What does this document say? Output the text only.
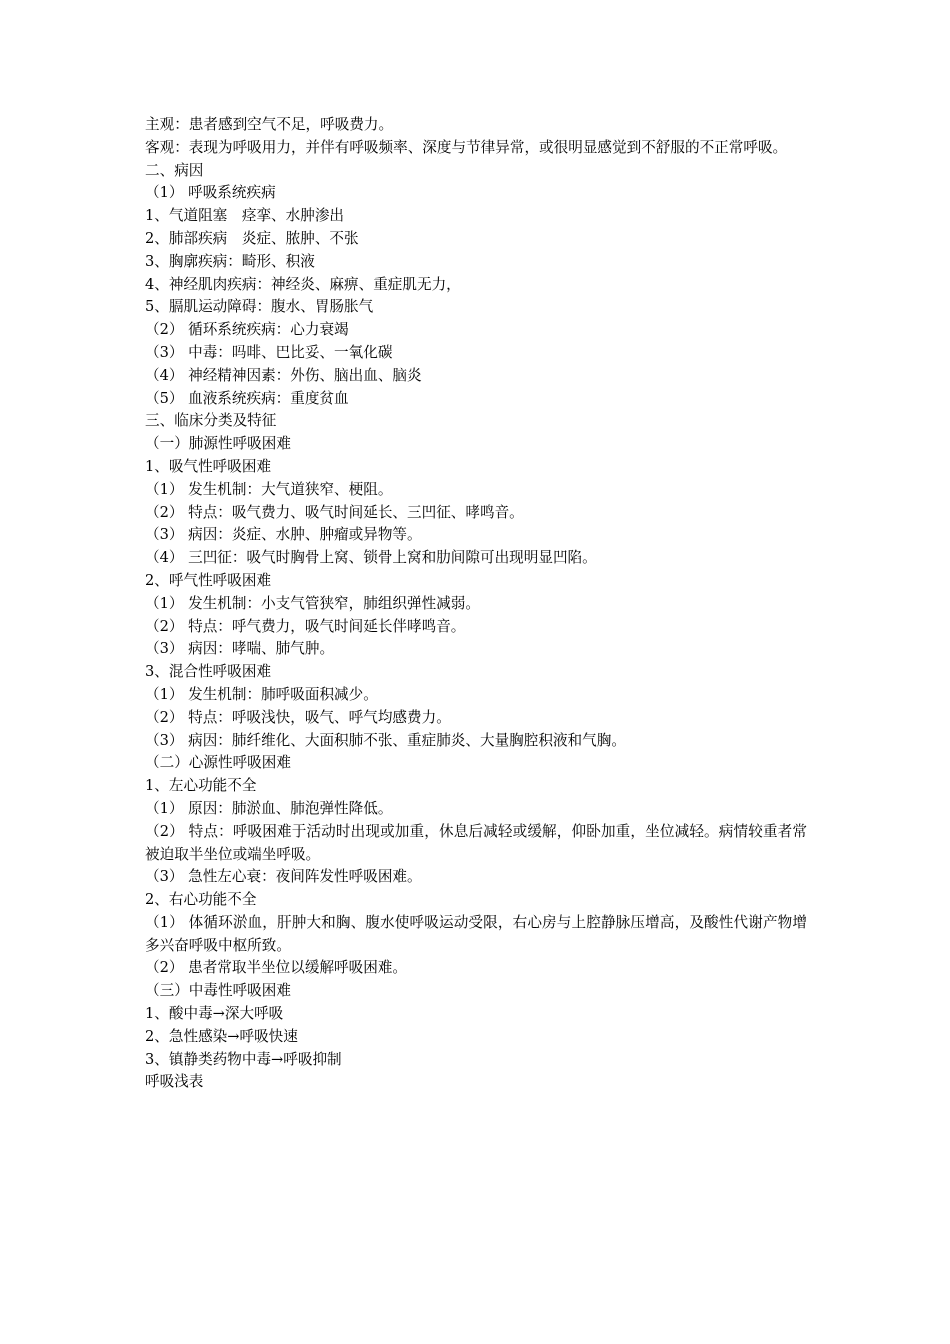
主观：患者感到空气不足，呼吸费力。
客观：表现为呼吸用力，并伴有呼吸频率、深度与节律异常，或很明显感觉到不舒服的不正常呼吸。
二、病因
（1） 呼吸系统疾病
1、气道阻塞　痉挛、水肿渗出
2、肺部疾病　炎症、脓肿、不张
3、胸廓疾病：畸形、积液
4、神经肌肉疾病：神经炎、麻痹、重症肌无力，
5、膈肌运动障碍：腹水、胃肠胀气
（2） 循环系统疾病：心力衰竭
（3） 中毒：吗啡、巴比妥、一氧化碳
（4） 神经精神因素：外伤、脑出血、脑炎
（5） 血液系统疾病：重度贫血
三、临床分类及特征
（一）肺源性呼吸困难
1、吸气性呼吸困难
（1） 发生机制：大气道狭窄、梗阻。
（2） 特点：吸气费力、吸气时间延长、三凹征、哮鸣音。
（3） 病因：炎症、水肿、肿瘤或异物等。
（4） 三凹征：吸气时胸骨上窝、锁骨上窝和肋间隙可出现明显凹陷。
2、呼气性呼吸困难
（1） 发生机制：小支气管狭窄，肺组织弹性减弱。
（2） 特点：呼气费力，吸气时间延长伴哮鸣音。
（3） 病因：哮喘、肺气肿。
3、混合性呼吸困难
（1） 发生机制：肺呼吸面积减少。
（2） 特点：呼吸浅快，吸气、呼气均感费力。
（3） 病因：肺纤维化、大面积肺不张、重症肺炎、大量胸腔积液和气胸。
（二）心源性呼吸困难
1、左心功能不全
（1） 原因：肺淤血、肺泡弹性降低。
（2） 特点：呼吸困难于活动时出现或加重，休息后减轻或缓解，仰卧加重，坐位减轻。病情较重者常被迫取半坐位或端坐呼吸。
（3） 急性左心衰：夜间阵发性呼吸困难。
2、右心功能不全
（1） 体循环淤血，肝肿大和胸、腹水使呼吸运动受限，右心房与上腔静脉压增高，及酸性代谢产物增多兴奋呼吸中枢所致。
（2） 患者常取半坐位以缓解呼吸困难。
（三）中毒性呼吸困难
1、酸中毒→深大呼吸
2、急性感染→呼吸快速
3、镇静类药物中毒→呼吸抑制
呼吸浅表
